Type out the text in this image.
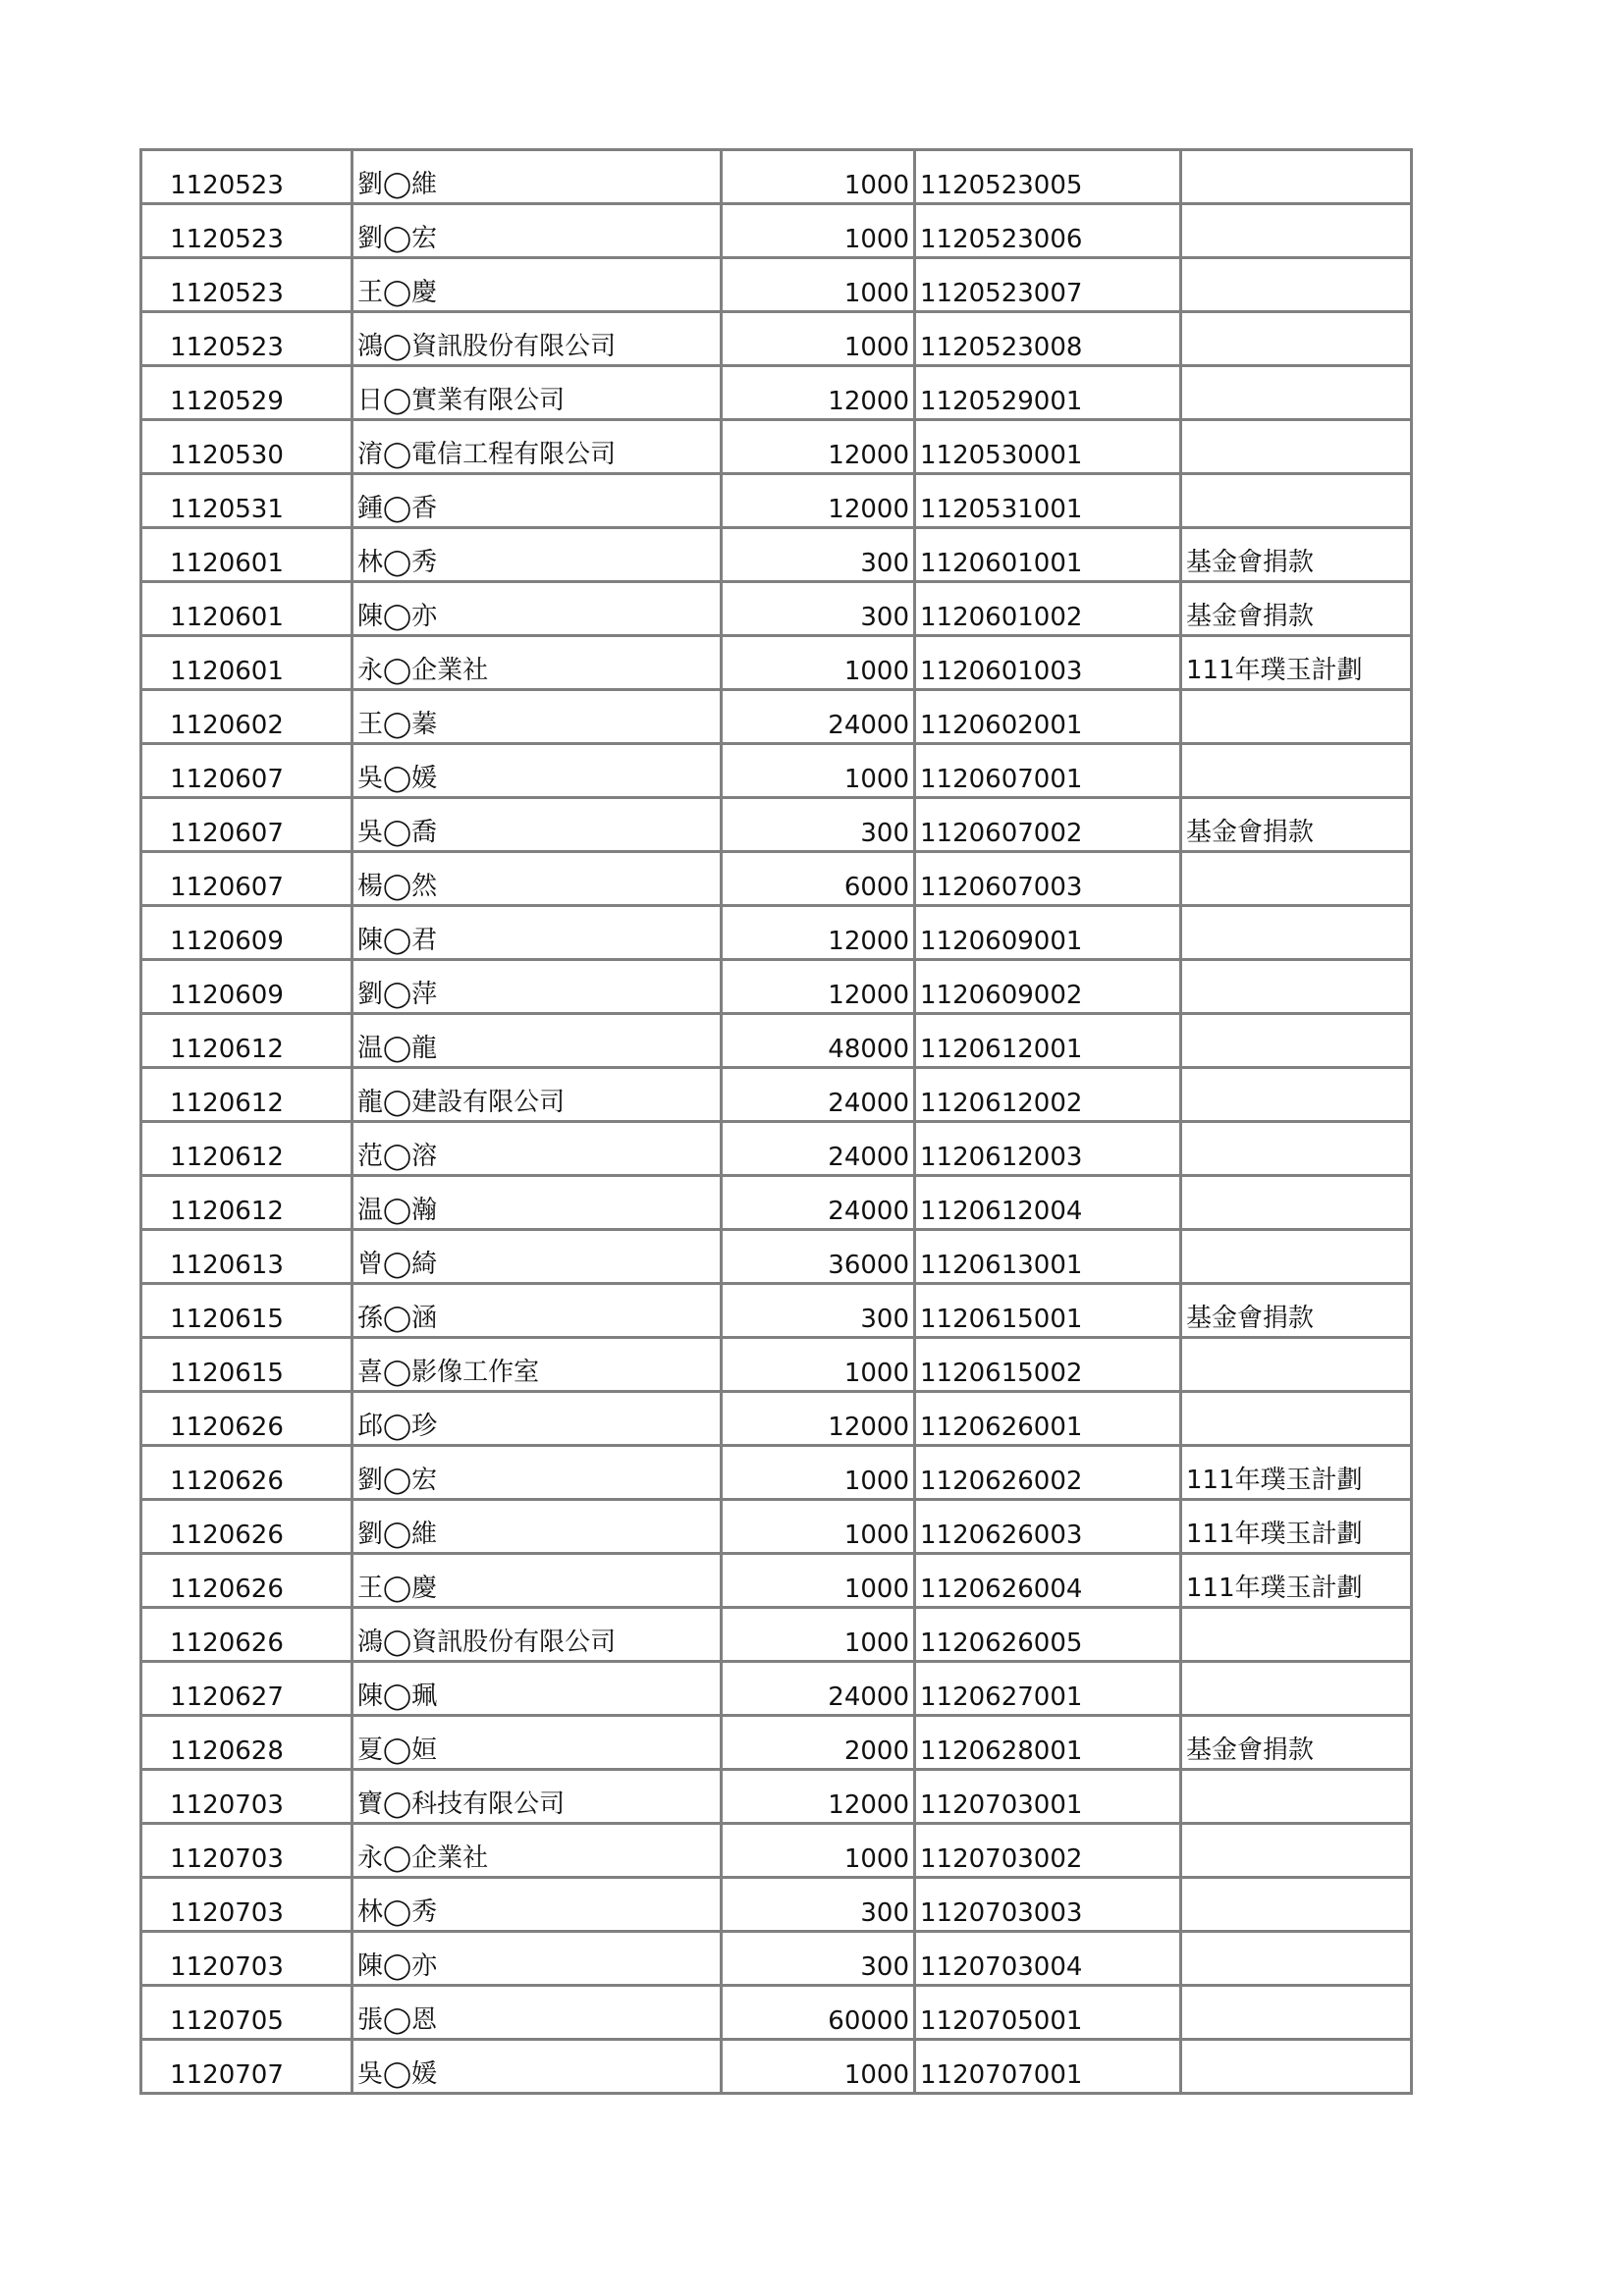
1120523	劉◯維	1000	1120523005	
1120523	劉◯宏	1000	1120523006	
1120523	王◯慶	1000	1120523007	
1120523	鴻◯資訊股份有限公司	1000	1120523008	
1120529	日◯實業有限公司	12000	1120529001	
1120530	淯◯電信工程有限公司	12000	1120530001	
1120531	鍾◯香	12000	1120531001	
1120601	林◯秀	300	1120601001	基金會捐款
1120601	陳◯亦	300	1120601002	基金會捐款
1120601	永◯企業社	1000	1120601003	111年璞玉計劃
1120602	王◯蓁	24000	1120602001	
1120607	吳◯媛	1000	1120607001	
1120607	吳◯喬	300	1120607002	基金會捐款
1120607	楊◯然	6000	1120607003	
1120609	陳◯君	12000	1120609001	
1120609	劉◯萍	12000	1120609002	
1120612	温◯龍	48000	1120612001	
1120612	龍◯建設有限公司	24000	1120612002	
1120612	范◯溶	24000	1120612003	
1120612	温◯瀚	24000	1120612004	
1120613	曾◯綺	36000	1120613001	
1120615	孫◯涵	300	1120615001	基金會捐款
1120615	喜◯影像工作室	1000	1120615002	
1120626	邱◯珍	12000	1120626001	
1120626	劉◯宏	1000	1120626002	111年璞玉計劃
1120626	劉◯維	1000	1120626003	111年璞玉計劃
1120626	王◯慶	1000	1120626004	111年璞玉計劃
1120626	鴻◯資訊股份有限公司	1000	1120626005	
1120627	陳◯珮	24000	1120627001	
1120628	夏◯姮	2000	1120628001	基金會捐款
1120703	寶◯科技有限公司	12000	1120703001	
1120703	永◯企業社	1000	1120703002	
1120703	林◯秀	300	1120703003	
1120703	陳◯亦	300	1120703004	
1120705	張◯恩	60000	1120705001	
1120707	吳◯媛	1000	1120707001	
